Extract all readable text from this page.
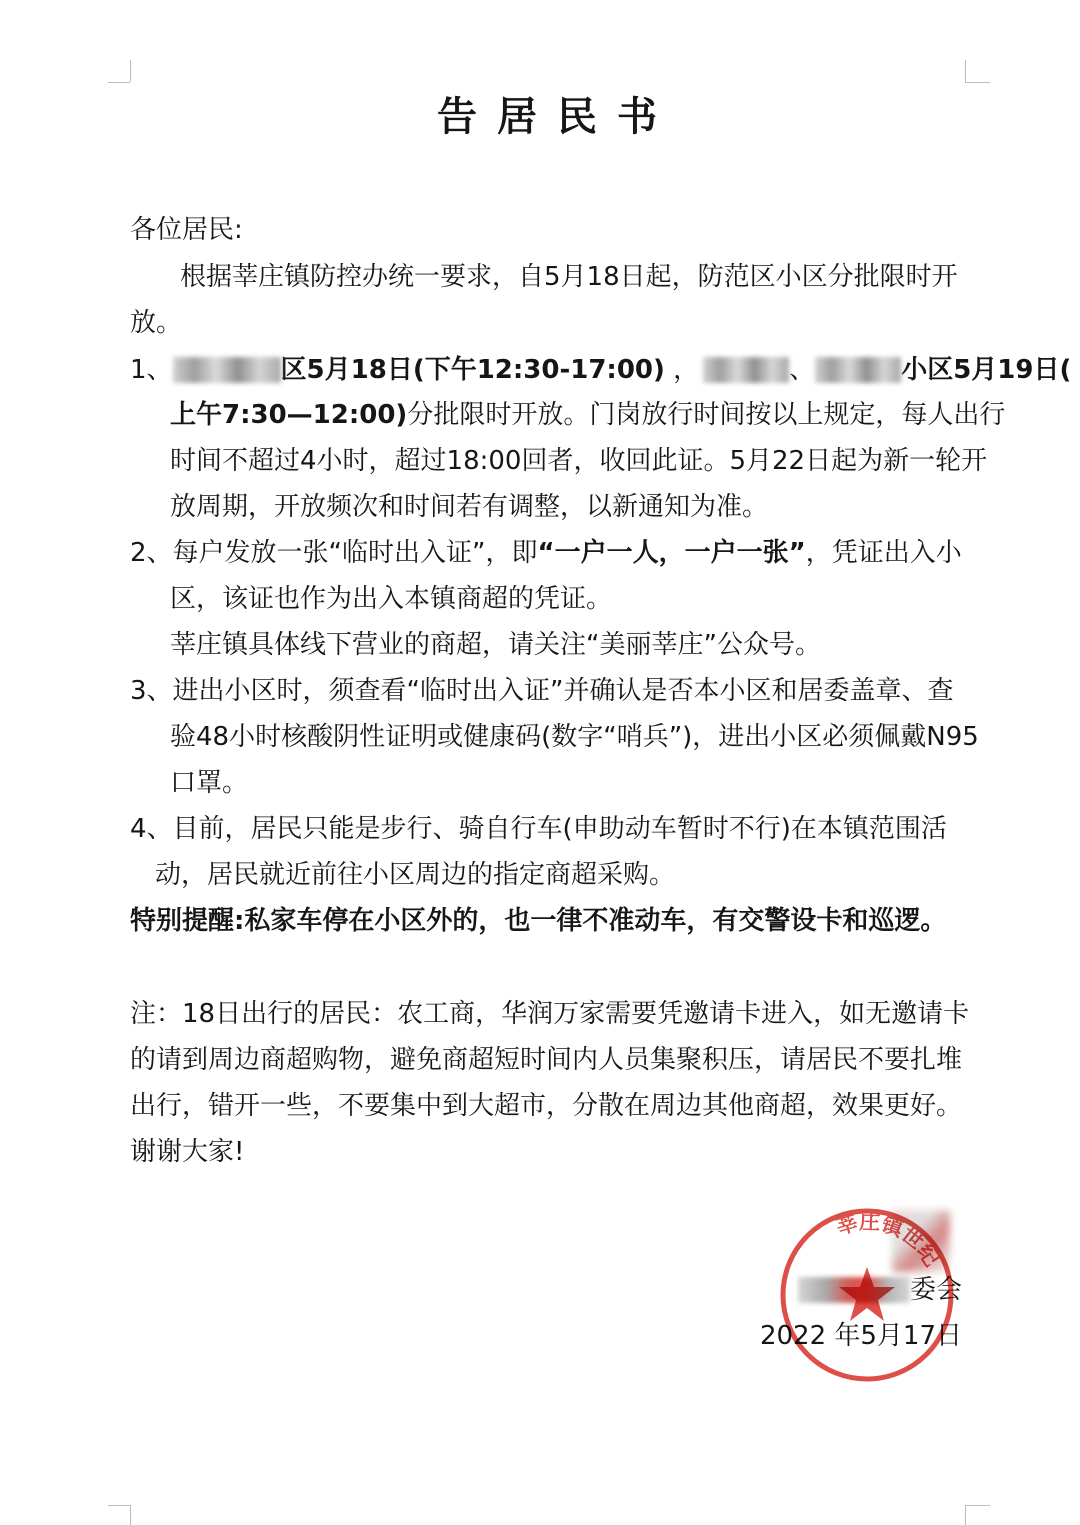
告居民书
各位居民:
根据莘庄镇防控办统一要求，自5月18日起，防范区小区分批限时开
放。
1、	区5月18日(下午12:30-17:00) ，	、	小区5月19日(
上午7:30—12:00)分批限时开放。门岗放行时间按以上规定，每人出行
时间不超过4小时，超过18:00回者，收回此证。5月22日起为新一轮开
放周期，开放频次和时间若有调整，以新通知为准。
2、每户发放一张“临时出入证”，即“一户一人，一户一张”，凭证出入小
区，该证也作为出入本镇商超的凭证。
莘庄镇具体线下营业的商超，请关注“美丽莘庄”公众号。
3、进出小区时，须查看“临时出入证”并确认是否本小区和居委盖章、查
验48小时核酸阴性证明或健康码(数字“哨兵”)，进出小区必须佩戴N95
口罩。
4、目前，居民只能是步行、骑自行车(申助动车暂时不行)在本镇范围活
动，居民就近前往小区周边的指定商超采购。
特别提醒:私家车停在小区外的，也一律不准动车，有交警设卡和巡逻。
注：18日出行的居民：农工商，华润万家需要凭邀请卡进入，如无邀请卡
的请到周边商超购物，避免商超短时间内人员集聚积压，请居民不要扎堆
出行，错开一些，不要集中到大超市，分散在周边其他商超，效果更好。
谢谢大家!
委会
2022 年5月17日
莘庄镇世纪
